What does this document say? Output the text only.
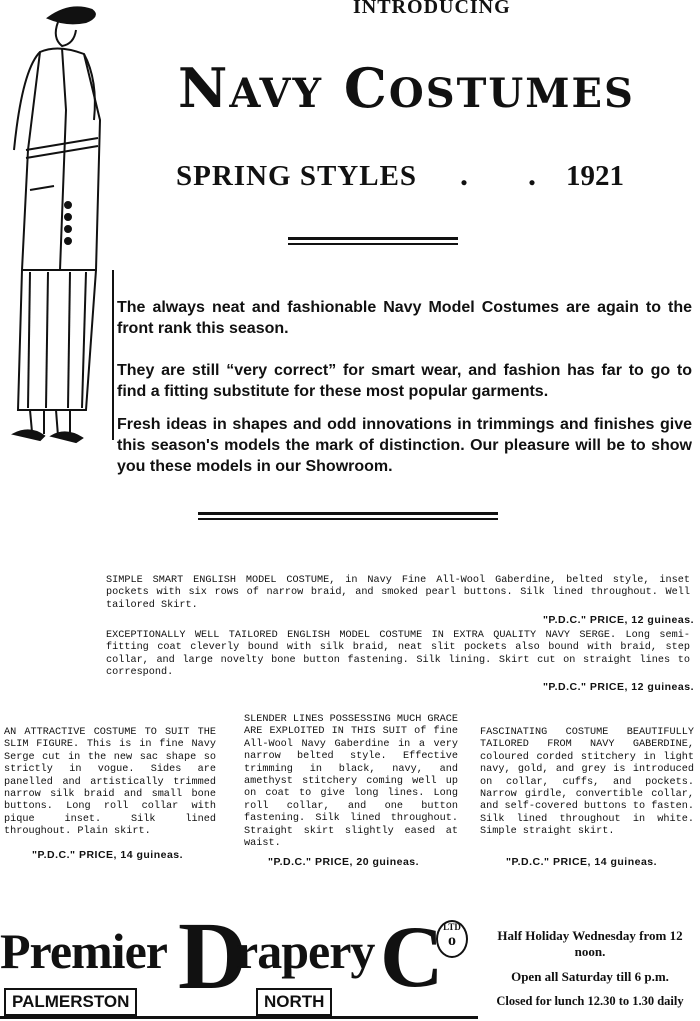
INTRODUCING
NAVY COSTUMES
SPRING STYLES . . 1921
The always neat and fashionable Navy Model Costumes are again to the front rank this season.
They are still “very correct” for smart wear, and fashion has far to go to find a fitting substitute for these most popular garments.
Fresh ideas in shapes and odd innovations in trimmings and finishes give this season's models the mark of distinction. Our pleasure will be to show you these models in our Showroom.
SIMPLE SMART ENGLISH MODEL COSTUME, in Navy Fine All-Wool Gaberdine, belted style, inset pockets with six rows of narrow braid, and smoked pearl buttons. Silk lined throughout. Well tailored Skirt.
"P.D.C." PRICE, 12 guineas.
EXCEPTIONALLY WELL TAILORED ENGLISH MODEL COSTUME IN EXTRA QUALITY NAVY SERGE. Long semi-fitting coat cleverly bound with silk braid, neat slit pockets also bound with braid, step collar, and large novelty bone button fastening. Silk lining. Skirt cut on straight lines to correspond.
"P.D.C." PRICE, 12 guineas.
AN ATTRACTIVE COSTUME TO SUIT THE SLIM FIGURE. This is in fine Navy Serge cut in the new sac shape so strictly in vogue. Sides are panelled and artistically trimmed narrow silk braid and small bone buttons. Long roll collar with pique inset. Silk lined throughout. Plain skirt.
"P.D.C." PRICE, 14 guineas.
SLENDER LINES POSSESSING MUCH GRACE ARE EXPLOITED IN THIS SUIT of fine All-Wool Navy Gaberdine in a very narrow belted style. Effective trimming in black, navy, and amethyst stitchery coming well up on coat to give long lines. Long roll collar, and one button fastening. Silk lined throughout. Straight skirt slightly eased at waist.
"P.D.C." PRICE, 20 guineas.
FASCINATING COSTUME BEAUTIFULLY TAILORED FROM NAVY GABERDINE, coloured corded stitchery in light navy, gold, and grey is introduced on collar, cuffs, and pockets. Narrow girdle, convertible collar, and self-covered buttons to fasten. Silk lined throughout in white. Simple straight skirt.
"P.D.C." PRICE, 14 guineas.
Premier D
rapery C LTD
o
PALMERSTON	NORTH
Half Holiday Wednesday from 12 noon.
Open all Saturday till 6 p.m.
Closed for lunch 12.30 to 1.30 daily
